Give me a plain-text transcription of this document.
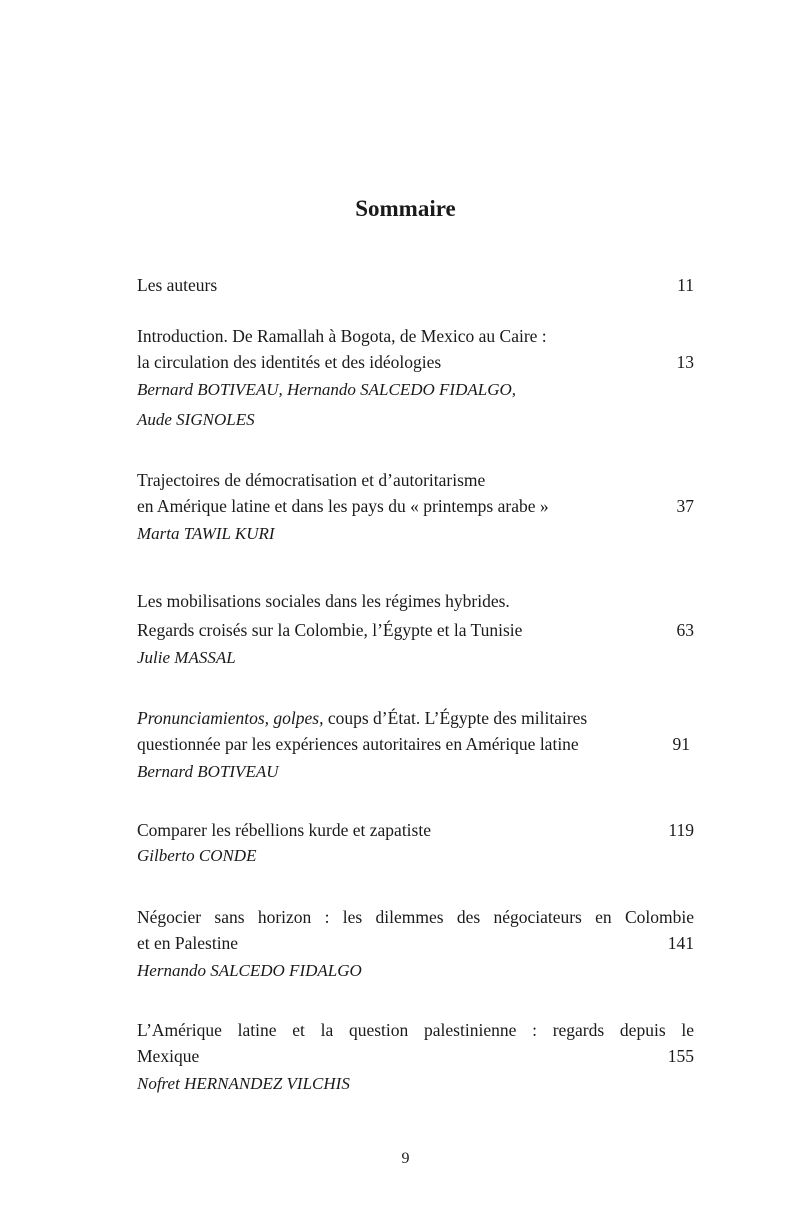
Sommaire
Les auteurs	11
Introduction. De Ramallah à Bogota, de Mexico au Caire :
la circulation des identités et des idéologies	13
Bernard BOTIVEAU, Hernando SALCEDO FIDALGO,
Aude SIGNOLES
Trajectoires de démocratisation et d’autoritarisme
en Amérique latine et dans les pays du « printemps arabe »	37
Marta TAWIL KURI
Les mobilisations sociales dans les régimes hybrides.
Regards croisés sur la Colombie, l’Égypte et la Tunisie	63
Julie MASSAL
Pronunciamientos, golpes, coups d’État. L’Égypte des militaires
questionnée par les expériences autoritaires en Amérique latine	91
Bernard BOTIVEAU
Comparer les rébellions kurde et zapatiste	119
Gilberto CONDE
Négocier sans horizon : les dilemmes des négociateurs en Colombie
et en Palestine	141
Hernando SALCEDO FIDALGO
L’Amérique latine et la question palestinienne : regards depuis le
Mexique	155
Nofret HERNANDEZ VILCHIS
9
